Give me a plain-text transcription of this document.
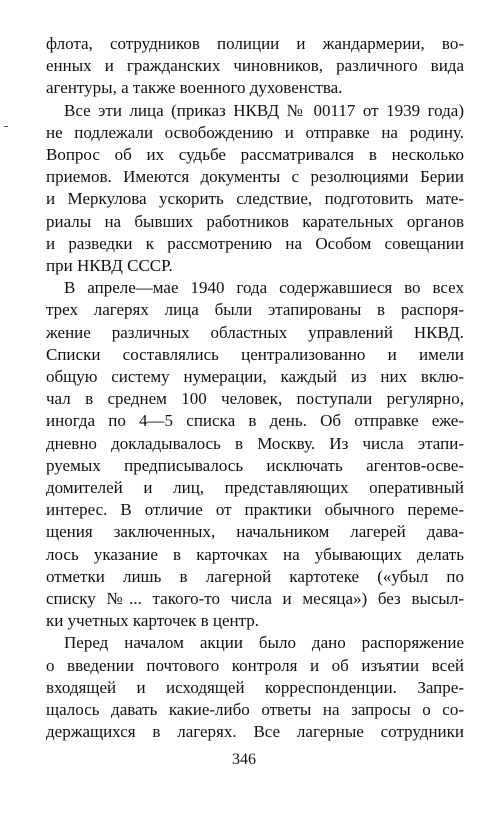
флота, сотрудников полиции и жандармерии, во-
енных и гражданских чиновников, различного вида
агентуры, а также военного духовенства.
Все эти лица (приказ НКВД № 00117 от 1939 года)
не подлежали освобождению и отправке на родину.
Вопрос об их судьбе рассматривался в несколько
приемов. Имеются документы с резолюциями Берии
и Меркулова ускорить следствие, подготовить мате-
риалы на бывших работников карательных органов
и разведки к рассмотрению на Особом совещании
при НКВД СССР.
В апреле—мае 1940 года содержавшиеся во всех
трех лагерях лица были этапированы в распоря-
жение различных областных управлений НКВД.
Списки составлялись централизованно и имели
общую систему нумерации, каждый из них вклю-
чал в среднем 100 человек, поступали регулярно,
иногда по 4—5 списка в день. Об отправке еже-
дневно докладывалось в Москву. Из числа этапи-
руемых предписывалось исключать агентов-осве-
домителей и лиц, представляющих оперативный
интерес. В отличие от практики обычного переме-
щения заключенных, начальником лагерей дава-
лось указание в карточках на убывающих делать
отметки лишь в лагерной картотеке («убыл по
списку №... такого-то числа и месяца») без высыл-
ки учетных карточек в центр.
Перед началом акции было дано распоряжение
о введении почтового контроля и об изъятии всей
входящей и исходящей корреспонденции. Запре-
щалось давать какие-либо ответы на запросы о со-
держащихся в лагерях. Все лагерные сотрудники
346
